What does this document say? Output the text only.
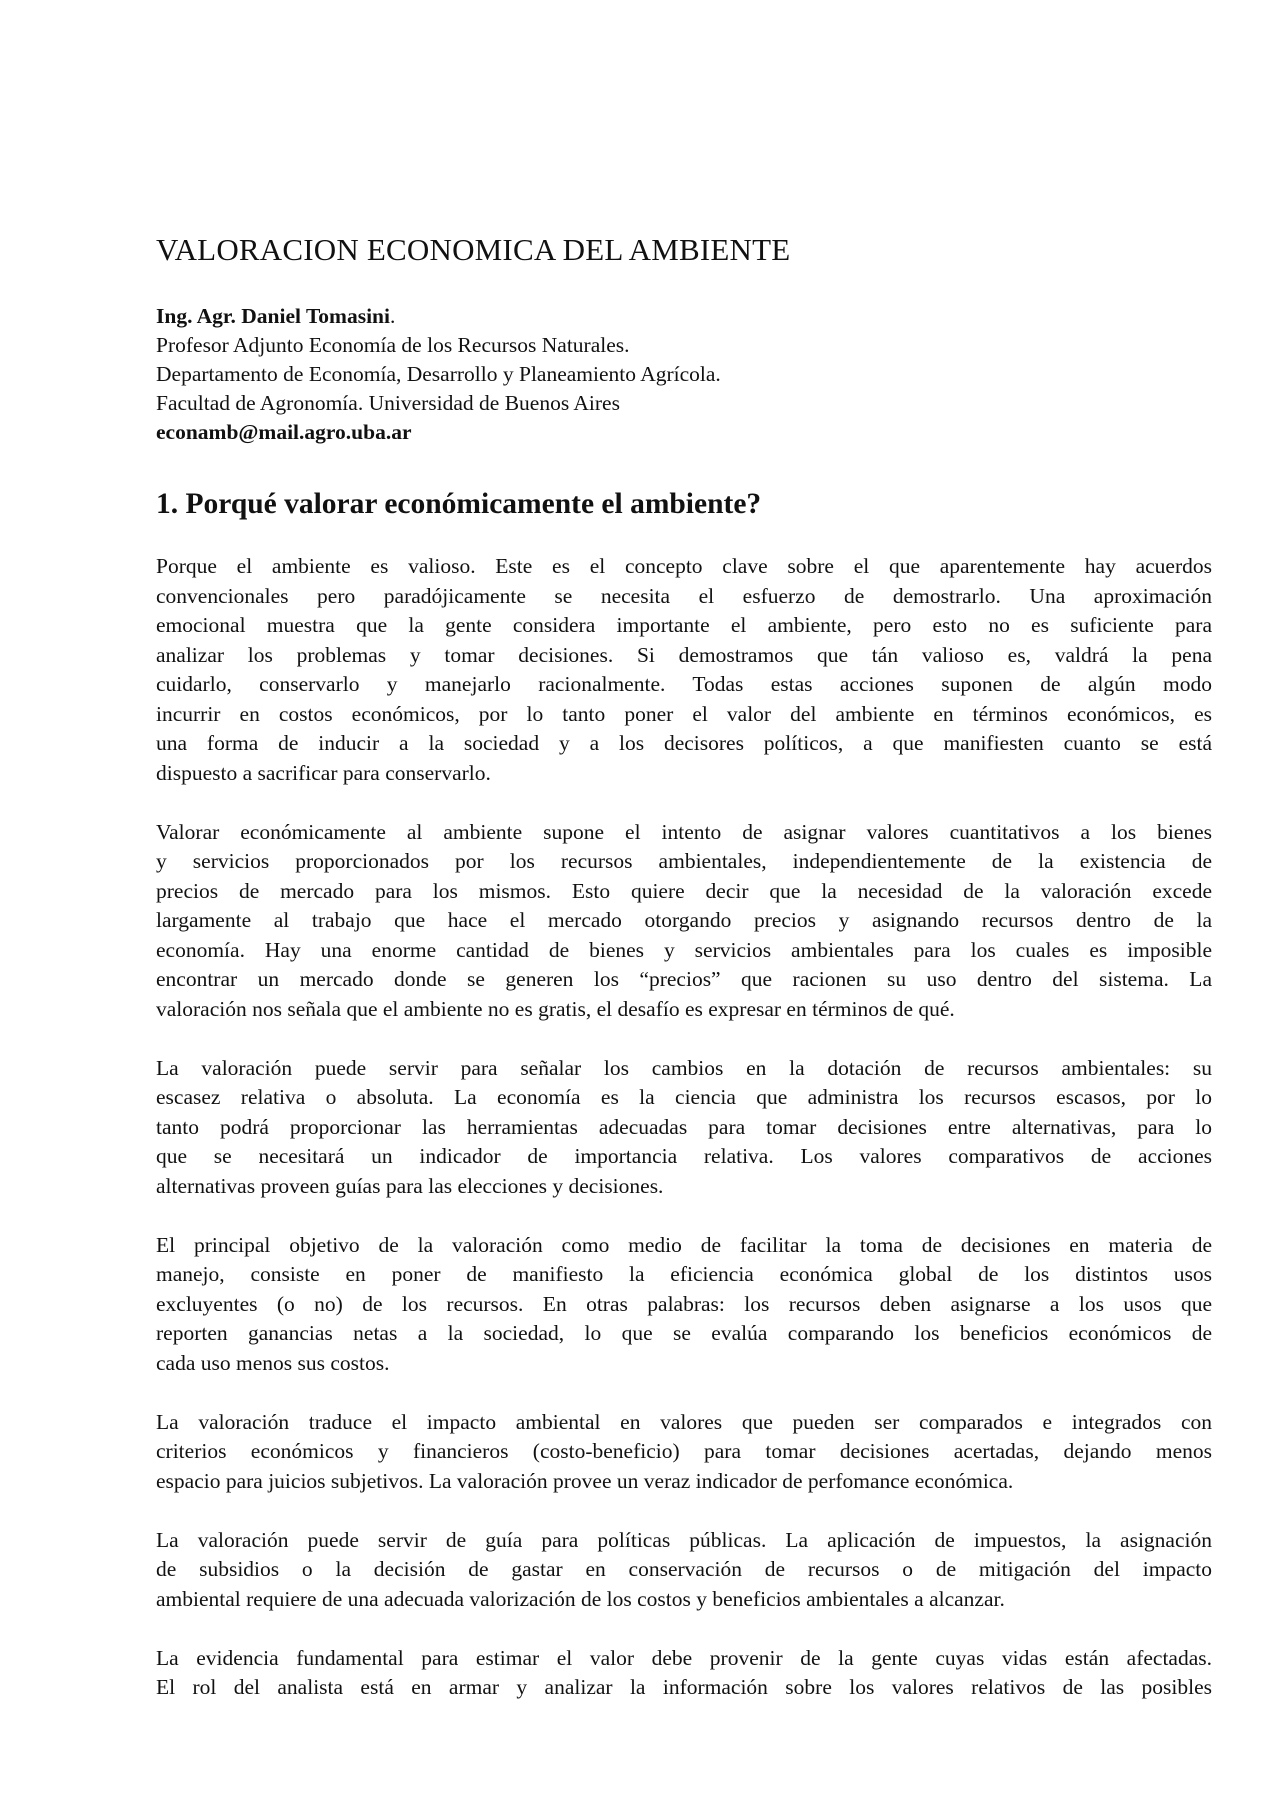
VALORACION ECONOMICA DEL AMBIENTE
Ing. Agr. Daniel Tomasini.
Profesor Adjunto Economía de los Recursos Naturales.
Departamento de Economía, Desarrollo y Planeamiento Agrícola.
Facultad de Agronomía. Universidad de Buenos Aires
econamb@mail.agro.uba.ar
1. Porqué valorar económicamente el ambiente?

Porque el ambiente es valioso. Este es el concepto clave sobre el que aparentemente hay acuerdos
convencionales pero paradójicamente se necesita el esfuerzo de demostrarlo. Una aproximación
emocional muestra que la gente considera importante el ambiente, pero esto no es suficiente para
analizar los problemas y tomar decisiones. Si demostramos que tán valioso es, valdrá la pena
cuidarlo, conservarlo y manejarlo racionalmente. Todas estas acciones suponen de algún modo
incurrir en costos económicos, por lo tanto poner el valor del ambiente en términos económicos, es
una forma de inducir a la sociedad y a los decisores políticos, a que manifiesten cuanto se está
dispuesto a sacrificar para conservarlo.

Valorar económicamente al ambiente supone el intento de asignar valores cuantitativos a los bienes
y servicios proporcionados por los recursos ambientales, independientemente de la existencia de
precios de mercado para los mismos. Esto quiere decir que la necesidad de la valoración excede
largamente al trabajo que hace el mercado otorgando precios y asignando recursos dentro de la
economía. Hay una enorme cantidad de bienes y servicios ambientales para los cuales es imposible
encontrar un mercado donde se generen los “precios” que racionen su uso dentro del sistema. La
valoración nos señala que el ambiente no es gratis, el desafío es expresar en términos de qué.

La valoración puede servir para señalar los cambios en la dotación de recursos ambientales: su
escasez relativa o absoluta. La economía es la ciencia que administra los recursos escasos, por lo
tanto podrá proporcionar las herramientas adecuadas para tomar decisiones entre alternativas, para lo
que se necesitará un indicador de importancia relativa. Los valores comparativos de acciones
alternativas proveen guías para las elecciones y decisiones.

El principal objetivo de la valoración como medio de facilitar la toma de decisiones en materia de
manejo, consiste en poner de manifiesto la eficiencia económica global de los distintos usos
excluyentes (o no) de los recursos. En otras palabras: los recursos deben asignarse a los usos que
reporten ganancias netas a la sociedad, lo que se evalúa comparando los beneficios económicos de
cada uso menos sus costos.

La valoración traduce el impacto ambiental en valores que pueden ser comparados e integrados con
criterios económicos y financieros (costo-beneficio) para tomar decisiones acertadas, dejando menos
espacio para juicios subjetivos. La valoración provee un veraz indicador de perfomance económica.

La valoración puede servir de guía para políticas públicas. La aplicación de impuestos, la asignación
de subsidios o la decisión de gastar en conservación de recursos o de mitigación del impacto
ambiental requiere de una adecuada valorización de los costos y beneficios ambientales a alcanzar.

La evidencia fundamental para estimar el valor debe provenir de la gente cuyas vidas están afectadas.
El rol del analista está en armar y analizar la información sobre los valores relativos de las posibles
